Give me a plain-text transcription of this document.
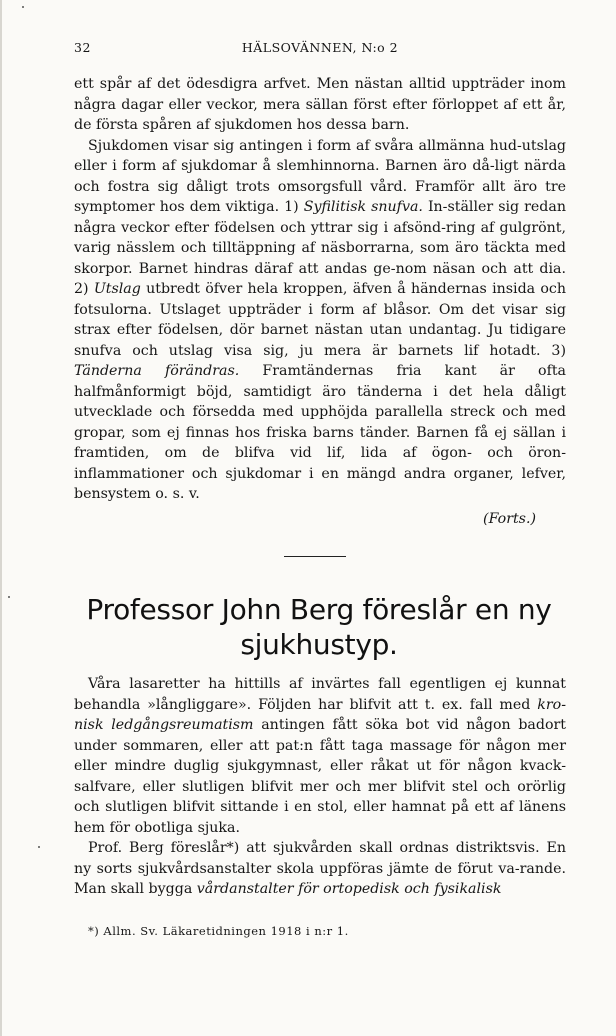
32	HÄLSOVÄNNEN, N:o 2

ett spår af det ödesdigra arfvet. Men nästan alltid uppträder inom några dagar eller veckor, mera sällan först efter förloppet af ett år, de första spåren af sjukdomen hos dessa barn.

Sjukdomen visar sig antingen i form af svåra allmänna hud-utslag eller i form af sjukdomar å slemhinnorna. Barnen äro då-ligt närda och fostra sig dåligt trots omsorgsfull vård. Framför allt äro tre symptomer hos dem viktiga. 1) Syfilitisk snufva. In-ställer sig redan några veckor efter födelsen och yttrar sig i afsönd-ring af gulgrönt, varig nässlem och tilltäppning af näsborrarna, som äro täckta med skorpor. Barnet hindras däraf att andas ge-nom näsan och att dia. 2) Utslag utbredt öfver hela kroppen, äfven å händernas insida och fotsulorna. Utslaget uppträder i form af blåsor. Om det visar sig strax efter födelsen, dör barnet nästan utan undantag. Ju tidigare snufva och utslag visa sig, ju mera är barnets lif hotadt. 3) Tänderna förändras. Framtändernas fria kant är ofta halfmånformigt böjd, samtidigt äro tänderna i det hela dåligt utvecklade och försedda med upphöjda parallella streck och med gropar, som ej finnas hos friska barns tänder. Barnen få ej sällan i framtiden, om de blifva vid lif, lida af ögon- och öron-inflammationer och sjukdomar i en mängd andra organer, lefver, bensystem o. s. v.

(Forts.)
Professor John Berg föreslår en ny sjukhustyp.

Våra lasaretter ha hittills af invärtes fall egentligen ej kunnat behandla »långliggare». Följden har blifvit att t. ex. fall med kro-nisk ledgångsreumatism antingen fått söka bot vid någon badort under sommaren, eller att pat:n fått taga massage för någon mer eller mindre duglig sjukgymnast, eller råkat ut för någon kvack-salfvare, eller slutligen blifvit mer och mer blifvit stel och orörlig och slutligen blifvit sittande i en stol, eller hamnat på ett af länens hem för obotliga sjuka.

Prof. Berg föreslår*) att sjukvården skall ordnas distriktsvis. En ny sorts sjukvårdsanstalter skola uppföras jämte de förut va-rande. Man skall bygga vårdanstalter för ortopedisk och fysikalisk

*) Allm. Sv. Läkaretidningen 1918 i n:r 1.
